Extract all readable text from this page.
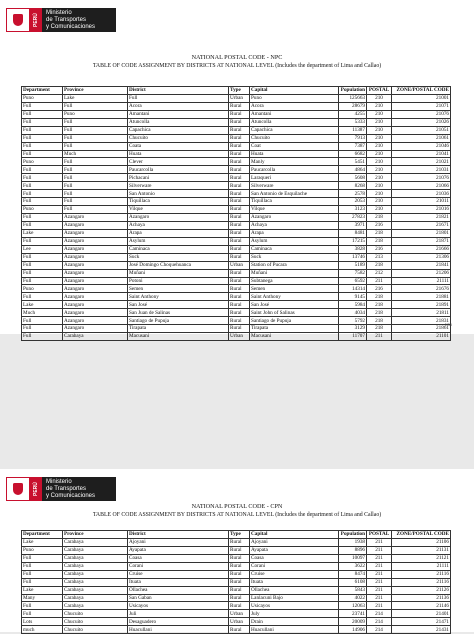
PERÚ
Ministerio
de Transportes
y Comunicaciones
NATIONAL POSTAL CODE - NPC
TABLE OF CODE ASSIGNMENT BY DISTRICTS AT NATIONAL LEVEL (Includes the department of Lima and Callao)
Department	Province	District	Type	Capital	Population	POSTAL	ZONE/POSTAL CODE
Puno	Lake	Full	Urban	Puno	125663	210	21001
Full	Full	Acora	Rural	Acora	28679	210	21071
Full	Puno	Amantani	Rural	Amantani	4255	210	21076
Full	Full	Atuncolla	Rural	Atuncolla	5333	210	21026
Full	Full	Capachica	Rural	Capachica	11387	210	21051
Full	Full	Chucuito	Rural	Chucuito	7913	210	21061
Full	Full	Coata	Rural	Coat	7387	210	21046
Full	Much	Huata	Rural	Huata	6682	210	21041
Puno	Full	Clever	Rural	Manly	5451	210	21021
Full	Full	Paucarcolla	Rural	Paucarcolla	4864	210	21031
Full	Full	Pichacani	Rural	Laraqueri	5608	210	21076
Full	Full	Silverware	Rural	Silverware	8268	210	21066
Full	Full	San Antonio	Rural	San Antonio de Esquilache	2578	210	21036
Full	Full	Tiquillaca	Rural	Tiquillaca	2053	210	21011
Puno	Full	Vilque	Rural	Vilque	3123	210	21016
Full	Azangaro	Azangaro	Rural	Azangaro	27823	218	21821
Full	Azangaro	Achaya	Rural	Achaya	3971	216	21671
Lake	Azangaro	Arapa	Rural	Arapa	8481	218	21801
Full	Azangaro	Asylum	Rural	Asylum	17215	218	21871
Lee	Azangaro	Caminaca	Rural	Caminaca	3828	216	21666
Full	Azangaro	Suck	Rural	Suck	13746	213	21306
Full	Azangaro	José Domingo Choquehuanca	Urban	Station of Pucara	5189	218	21841
Full	Azangaro	Muñani	Rural	Muñani	7582	212	21206
Full	Azangaro	Potoni	Rural	Subtanega	6592	211	21111
Puno	Azangaro	Semen	Rural	Semen	14314	216	21676
Full	Azangaro	Saint Anthony	Rural	Saint Anthony	9145	218	21881
Lake	Azangaro	San José	Rural	San José	5984	218	21891
Much	Azangaro	San Juan de Salinas	Rural	Saint John of Salinas	4034	218	21811
Full	Azangaro	Santiago de Pupuja	Rural	Santiago de Pupuja	5792	218	21831
Full	Azangaro	Tirapata	Rural	Tirapata	3129	218	21861
Full	Carabaya	Macusani	Urban	Macusani	11707	211	21101
1/66
PERÚ
Ministerio
de Transportes
y Comunicaciones
NATIONAL POSTAL CODE - CPN
TABLE OF CODE ASSIGNMENT BY DISTRICTS AT NATIONAL LEVEL (Includes the department of Lima and Callao)
Department	Province	District	Type	Capital	Population	POSTAL	ZONE/POSTAL CODE
Lake	Carabaya	Ajoyani	Rural	Ajoyani	1938	211	21106
Puno	Carabaya	Ayapata	Rural	Ayapata	8896	211	21131
Full	Carabaya	Coasa	Rural	Coasa	10097	211	21121
Full	Carabaya	Corani	Rural	Corani	3622	211	21111
Full	Carabaya	Cruise	Rural	Cruise	8474	211	21116
Full	Carabaya	Ituata	Rural	Ituata	6108	211	21116
Lake	Carabaya	Ollachea	Rural	Ollachea	5843	211	21126
Many	Carabaya	San Gaban	Rural	Lanlacuni Bajo	4022	211	21136
Full	Carabaya	Usicayos	Rural	Usicayos	12063	211	21146
Full	Chucuito	Juli	Urban	July	23741	214	21401
Lots	Chucuito	Desaguadero	Urban	Drain	20009	214	21471
much	Chucuito	Huacullani	Rural	Huacullani	14906	214	21431
